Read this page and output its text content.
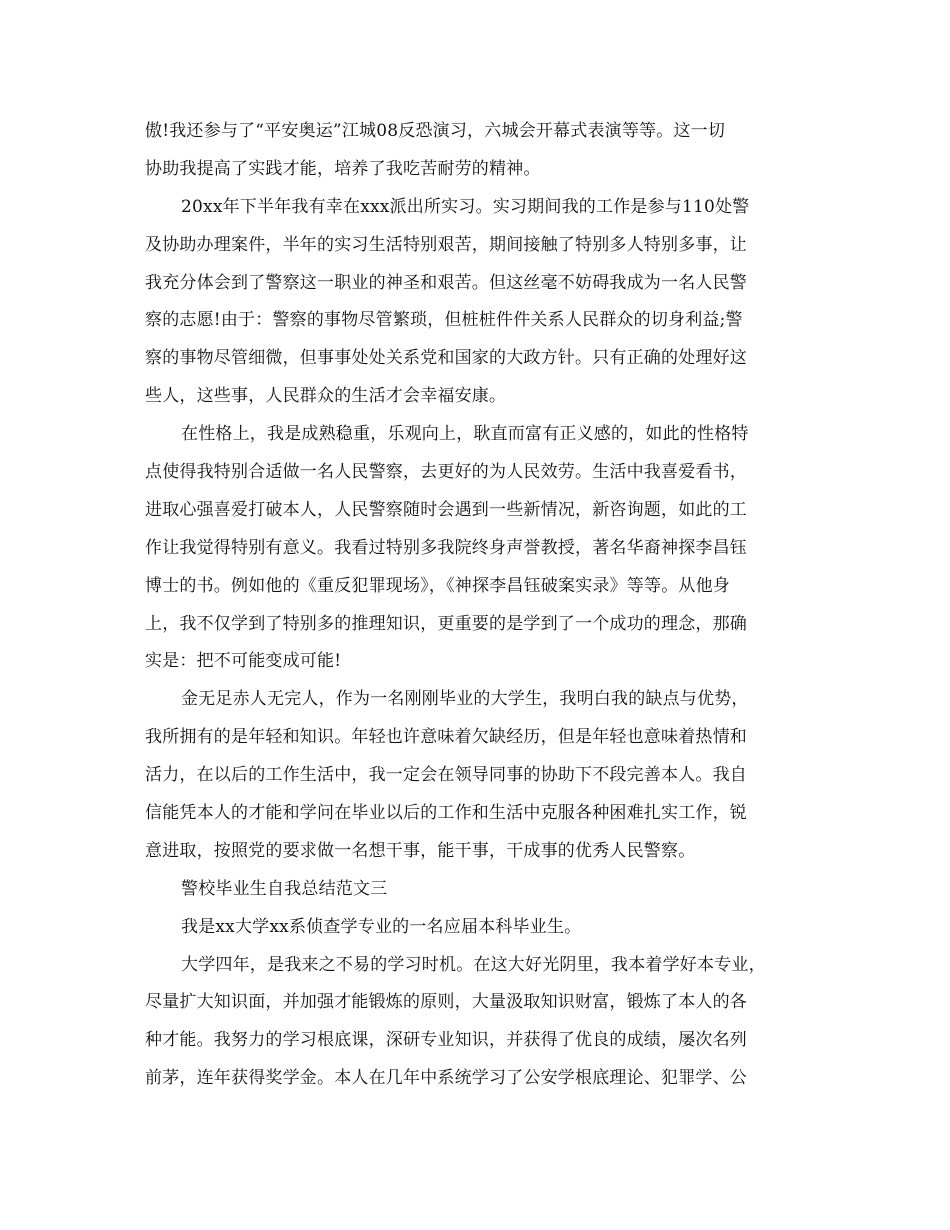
傲!我还参与了“平安奥运”江城08反恐演习，六城会开幕式表演等等。这一切
协助我提高了实践才能，培养了我吃苦耐劳的精神。
20xx年下半年我有幸在xxx派出所实习。实习期间我的工作是参与110处警
及协助办理案件，半年的实习生活特别艰苦，期间接触了特别多人特别多事，让
我充分体会到了警察这一职业的神圣和艰苦。但这丝毫不妨碍我成为一名人民警
察的志愿!由于：警察的事物尽管繁琐，但桩桩件件关系人民群众的切身利益;警
察的事物尽管细微，但事事处处关系党和国家的大政方针。只有正确的处理好这
些人，这些事，人民群众的生活才会幸福安康。
在性格上，我是成熟稳重，乐观向上，耿直而富有正义感的，如此的性格特
点使得我特别合适做一名人民警察，去更好的为人民效劳。生活中我喜爱看书，
进取心强喜爱打破本人，人民警察随时会遇到一些新情况，新咨询题，如此的工
作让我觉得特别有意义。我看过特别多我院终身声誉教授，著名华裔神探李昌钰
博士的书。例如他的《重反犯罪现场》，《神探李昌钰破案实录》等等。从他身
上，我不仅学到了特别多的推理知识，更重要的是学到了一个成功的理念，那确
实是：把不可能变成可能!
金无足赤人无完人，作为一名刚刚毕业的大学生，我明白我的缺点与优势，
我所拥有的是年轻和知识。年轻也许意味着欠缺经历，但是年轻也意味着热情和
活力，在以后的工作生活中，我一定会在领导同事的协助下不段完善本人。我自
信能凭本人的才能和学问在毕业以后的工作和生活中克服各种困难扎实工作，锐
意进取，按照党的要求做一名想干事，能干事，干成事的优秀人民警察。
警校毕业生自我总结范文三
我是xx大学xx系侦查学专业的一名应届本科毕业生。
大学四年，是我来之不易的学习时机。在这大好光阴里，我本着学好本专业，
尽量扩大知识面，并加强才能锻炼的原则，大量汲取知识财富，锻炼了本人的各
种才能。我努力的学习根底课，深研专业知识，并获得了优良的成绩，屡次名列
前茅，连年获得奖学金。本人在几年中系统学习了公安学根底理论、犯罪学、公
